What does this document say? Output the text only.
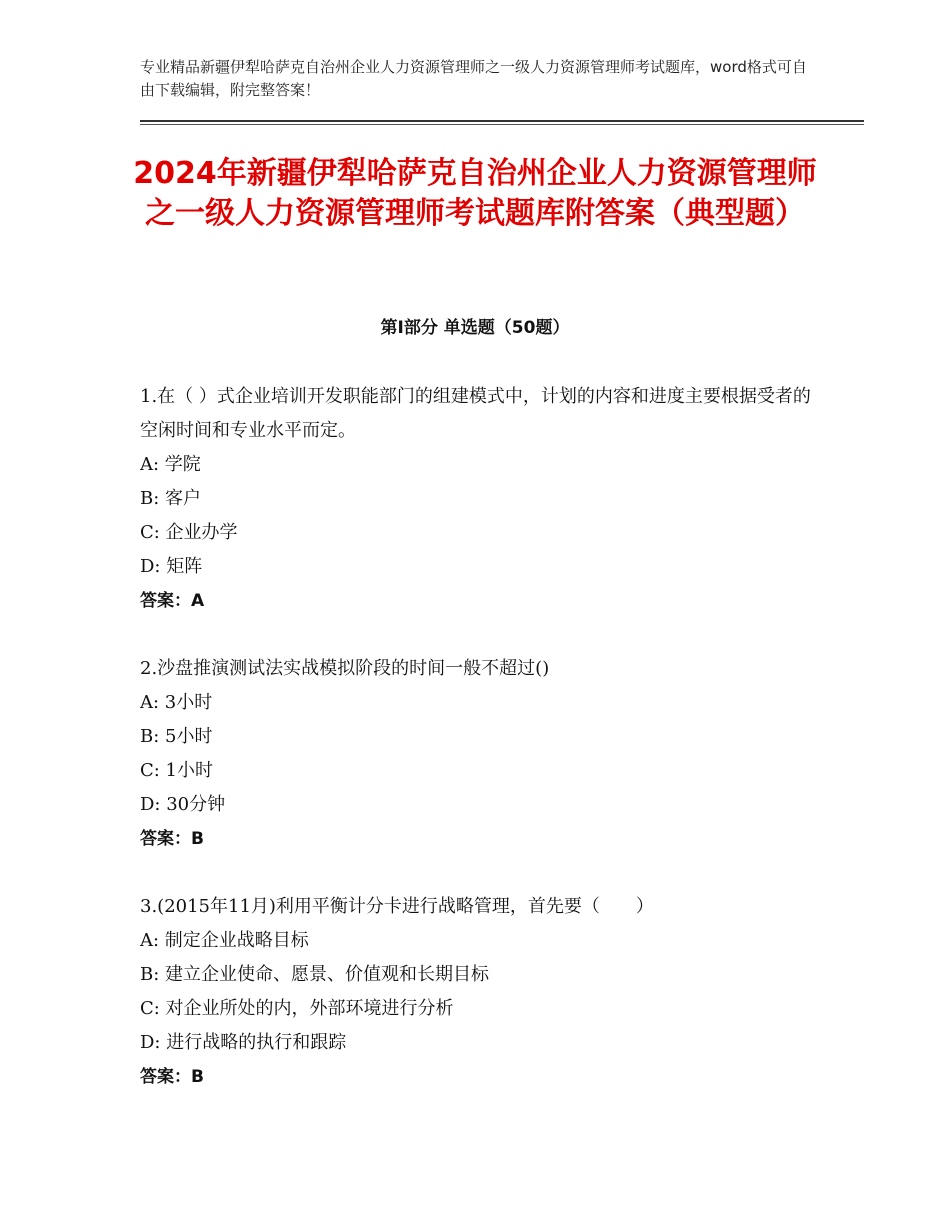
专业精品新疆伊犁哈萨克自治州企业人力资源管理师之一级人力资源管理师考试题库，word格式可自由下载编辑，附完整答案！
2024年新疆伊犁哈萨克自治州企业人力资源管理师之一级人力资源管理师考试题库附答案（典型题）
第Ⅰ部分 单选题（50题）
1.在（ ）式企业培训开发职能部门的组建模式中，计划的内容和进度主要根据受者的空闲时间和专业水平而定。
A: 学院
B: 客户
C: 企业办学
D: 矩阵
答案：A
2.沙盘推演测试法实战模拟阶段的时间一般不超过()
A: 3小时
B: 5小时
C: 1小时
D: 30分钟
答案：B
3.(2015年11月)利用平衡计分卡进行战略管理，首先要（　　）
A: 制定企业战略目标
B: 建立企业使命、愿景、价值观和长期目标
C: 对企业所处的内，外部环境进行分析
D: 进行战略的执行和跟踪
答案：B
